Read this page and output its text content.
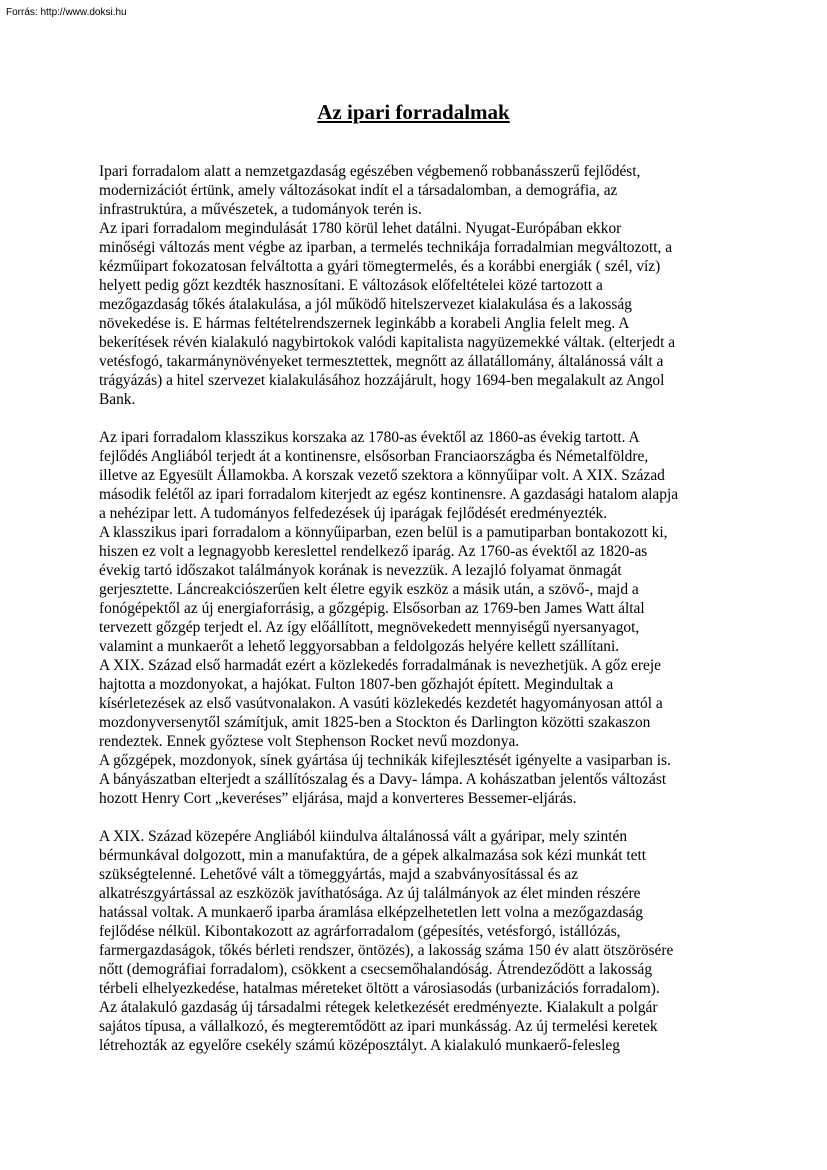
Forrás: http://www.doksi.hu
Az ipari forradalmak
Ipari forradalom alatt a nemzetgazdaság egészében végbemenő robbanásszerű fejlődést,
modernizációt értünk, amely változásokat indít el a társadalomban, a demográfia, az
infrastruktúra, a művészetek, a tudományok terén is.
Az ipari forradalom megindulását 1780 körül lehet datálni. Nyugat-Európában ekkor
minőségi változás ment végbe az iparban, a termelés technikája forradalmian megváltozott, a
kézműipart fokozatosan felváltotta a gyári tömegtermelés, és a korábbi energiák ( szél, víz)
helyett pedig gőzt kezdték hasznosítani. E változások előfeltételei közé tartozott a
mezőgazdaság tőkés átalakulása, a jól működő hitelszervezet kialakulása és a lakosság
növekedése is. E hármas feltételrendszernek leginkább a korabeli Anglia felelt meg. A
bekerítések révén kialakuló nagybirtokok valódi kapitalista nagyüzemekké váltak. (elterjedt a
vetésfogó, takarmánynövényeket termesztettek, megnőtt az állatállomány, általánossá vált a
trágyázás) a hitel szervezet kialakulásához hozzájárult, hogy 1694-ben megalakult az Angol
Bank.
Az ipari forradalom klasszikus korszaka az 1780-as évektől az 1860-as évekig tartott. A
fejlődés Angliából terjedt át a kontinensre, elsősorban Franciaországba és Németalföldre,
illetve az Egyesült Államokba. A korszak vezető szektora a könnyűipar volt. A XIX. Század
második felétől az ipari forradalom kiterjedt az egész kontinensre. A gazdasági hatalom alapja
a nehézipar lett. A tudományos felfedezések új iparágak fejlődését eredményezték.
A klasszikus ipari forradalom a könnyűiparban, ezen belül is a pamutiparban bontakozott ki,
hiszen ez volt a legnagyobb kereslettel rendelkező iparág. Az 1760-as évektől az 1820-as
évekig tartó időszakot találmányok korának is nevezzük. A lezajló folyamat önmagát
gerjesztette. Láncreakciószerűen kelt életre egyik eszköz a másik után, a szövő-, majd a
fonógépektől az új energiaforrásig, a gőzgépig. Elsősorban az 1769-ben James Watt által
tervezett gőzgép terjedt el. Az így előállított, megnövekedett mennyiségű nyersanyagot,
valamint a munkaerőt a lehető leggyorsabban a feldolgozás helyére kellett szállítani.
A XIX. Század első harmadát ezért a közlekedés forradalmának is nevezhetjük. A gőz ereje
hajtotta a mozdonyokat, a hajókat. Fulton 1807-ben gőzhajót épített. Megindultak a
kísérletezések az első vasútvonalakon. A vasúti közlekedés kezdetét hagyományosan attól a
mozdonyversenytől számítjuk, amit 1825-ben a Stockton és Darlington közötti szakaszon
rendeztek. Ennek győztese volt Stephenson Rocket nevű mozdonya.
A gőzgépek, mozdonyok, sínek gyártása új technikák kifejlesztését igényelte a vasiparban is.
A bányászatban elterjedt a szállítószalag és a Davy- lámpa. A kohászatban jelentős változást
hozott Henry Cort „keveréses” eljárása, majd a konverteres Bessemer-eljárás.
A XIX. Század közepére Angliából kiindulva általánossá vált a gyáripar, mely szintén
bérmunkával dolgozott, min a manufaktúra, de a gépek alkalmazása sok kézi munkát tett
szükségtelenné. Lehetővé vált a tömeggyártás, majd a szabványosítással és az
alkatrészgyártással az eszközök javíthatósága. Az új találmányok az élet minden részére
hatással voltak. A munkaerő iparba áramlása elképzelhetetlen lett volna a mezőgazdaság
fejlődése nélkül. Kibontakozott az agrárforradalom (gépesítés, vetésforgó, istállózás,
farmergazdaságok, tőkés bérleti rendszer, öntözés), a lakosság száma 150 év alatt ötszörösére
nőtt (demográfiai forradalom), csökkent a csecsemőhalandóság. Átrendeződött a lakosság
térbeli elhelyezkedése, hatalmas méreteket öltött a városiasodás (urbanizációs forradalom).
Az átalakuló gazdaság új társadalmi rétegek keletkezését eredményezte. Kialakult a polgár
sajátos típusa, a vállalkozó, és megteremtődött az ipari munkásság. Az új termelési keretek
létrehozták az egyelőre csekély számú középosztályt. A kialakuló munkaerő-felesleg
